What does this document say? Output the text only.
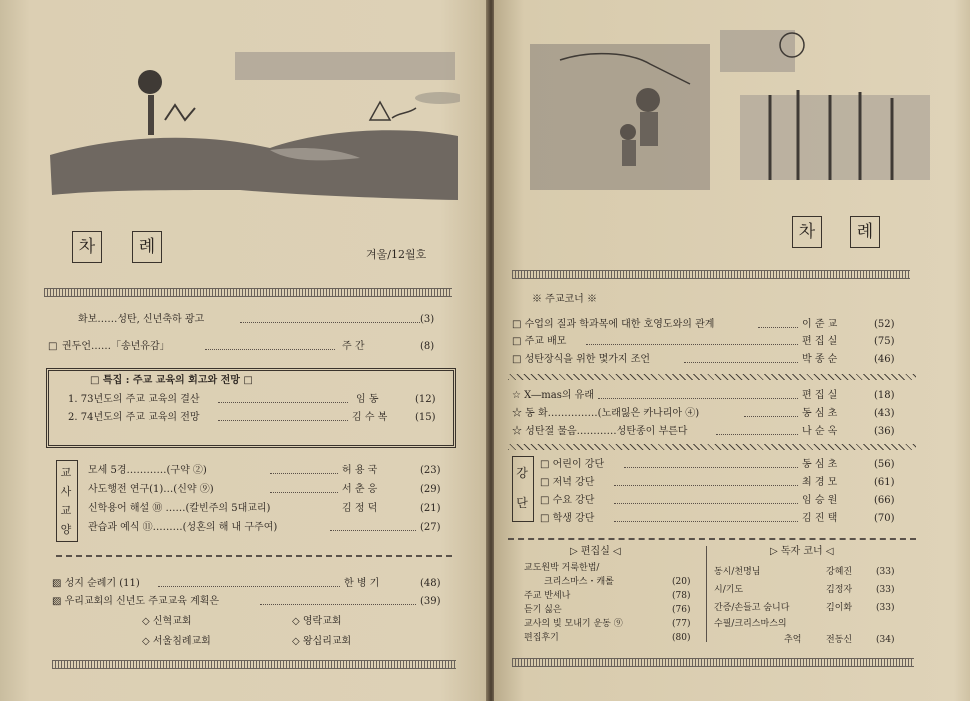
차	례	겨울/12월호
화보……성탄, 신년축하 광고	(3)
□ 권두언……「송년유감」	주 간	(8)
□ 특집 : 주교 교육의 회고와 전망 □
1. 73년도의 주교 교육의 결산	임 동	(12)
2. 74년도의 주교 교육의 전망	김 수 복	(15)
교
사
교
양
모세 5경…………(구약 ②)	허 용 국	(23)
사도행전 연구(1)…(신약 ⑨)	서 춘 응	(29)
신학용어 해설 ⑩ ……(칼빈주의 5대교리)	김 정 덕	(21)
관습과 예식 ⑪………(성혼의 해 내 구주여)	(27)
▨ 성지 순례기 (11)	한 병 기	(48)
▨ 우리교회의 신년도 주교교육 계획은	(39)
◇ 신혁교회	◇ 영락교회
◇ 서울침례교회	◇ 왕십리교회
차	례
※ 주교코너 ※
□ 수업의 질과 학과목에 대한 호영도와의 관계	이 준 교	(52)
□ 주교 배모	편 집 실	(75)
□ 성탄장식을 위한 몇가지 조언	박 종 순	(46)
☆ X―mas의 유래	편 집 실	(18)
☆ 동 화……………(노래잃은 카나리아 ④)	동 심 초	(43)
☆ 성탄절 물음…………성탄종이 부른다	나 순 옥	(36)
강
단
□ 어린이 강단	동 심 초	(56)
□ 저녁 강단	최 경 모	(61)
□ 수요 강단	임 승 원	(66)
□ 학생 강단	김 진 택	(70)
▷ 편집실 ◁	▷ 독자 코너 ◁
교도원박 거룩한법/
크리스마스・캐롤	(20)
주교 반세나	(78)
듣기 싫은	(76)
교사의 빚 모내기 운동 ⑨	(77)
편집후기	(80)
동시/천명님	강혜진	(33)
시/기도	김정자	(33)
간증/손들고 숨니다	김이화	(33)
수필/크리스마스의
추억	전동신	(34)
